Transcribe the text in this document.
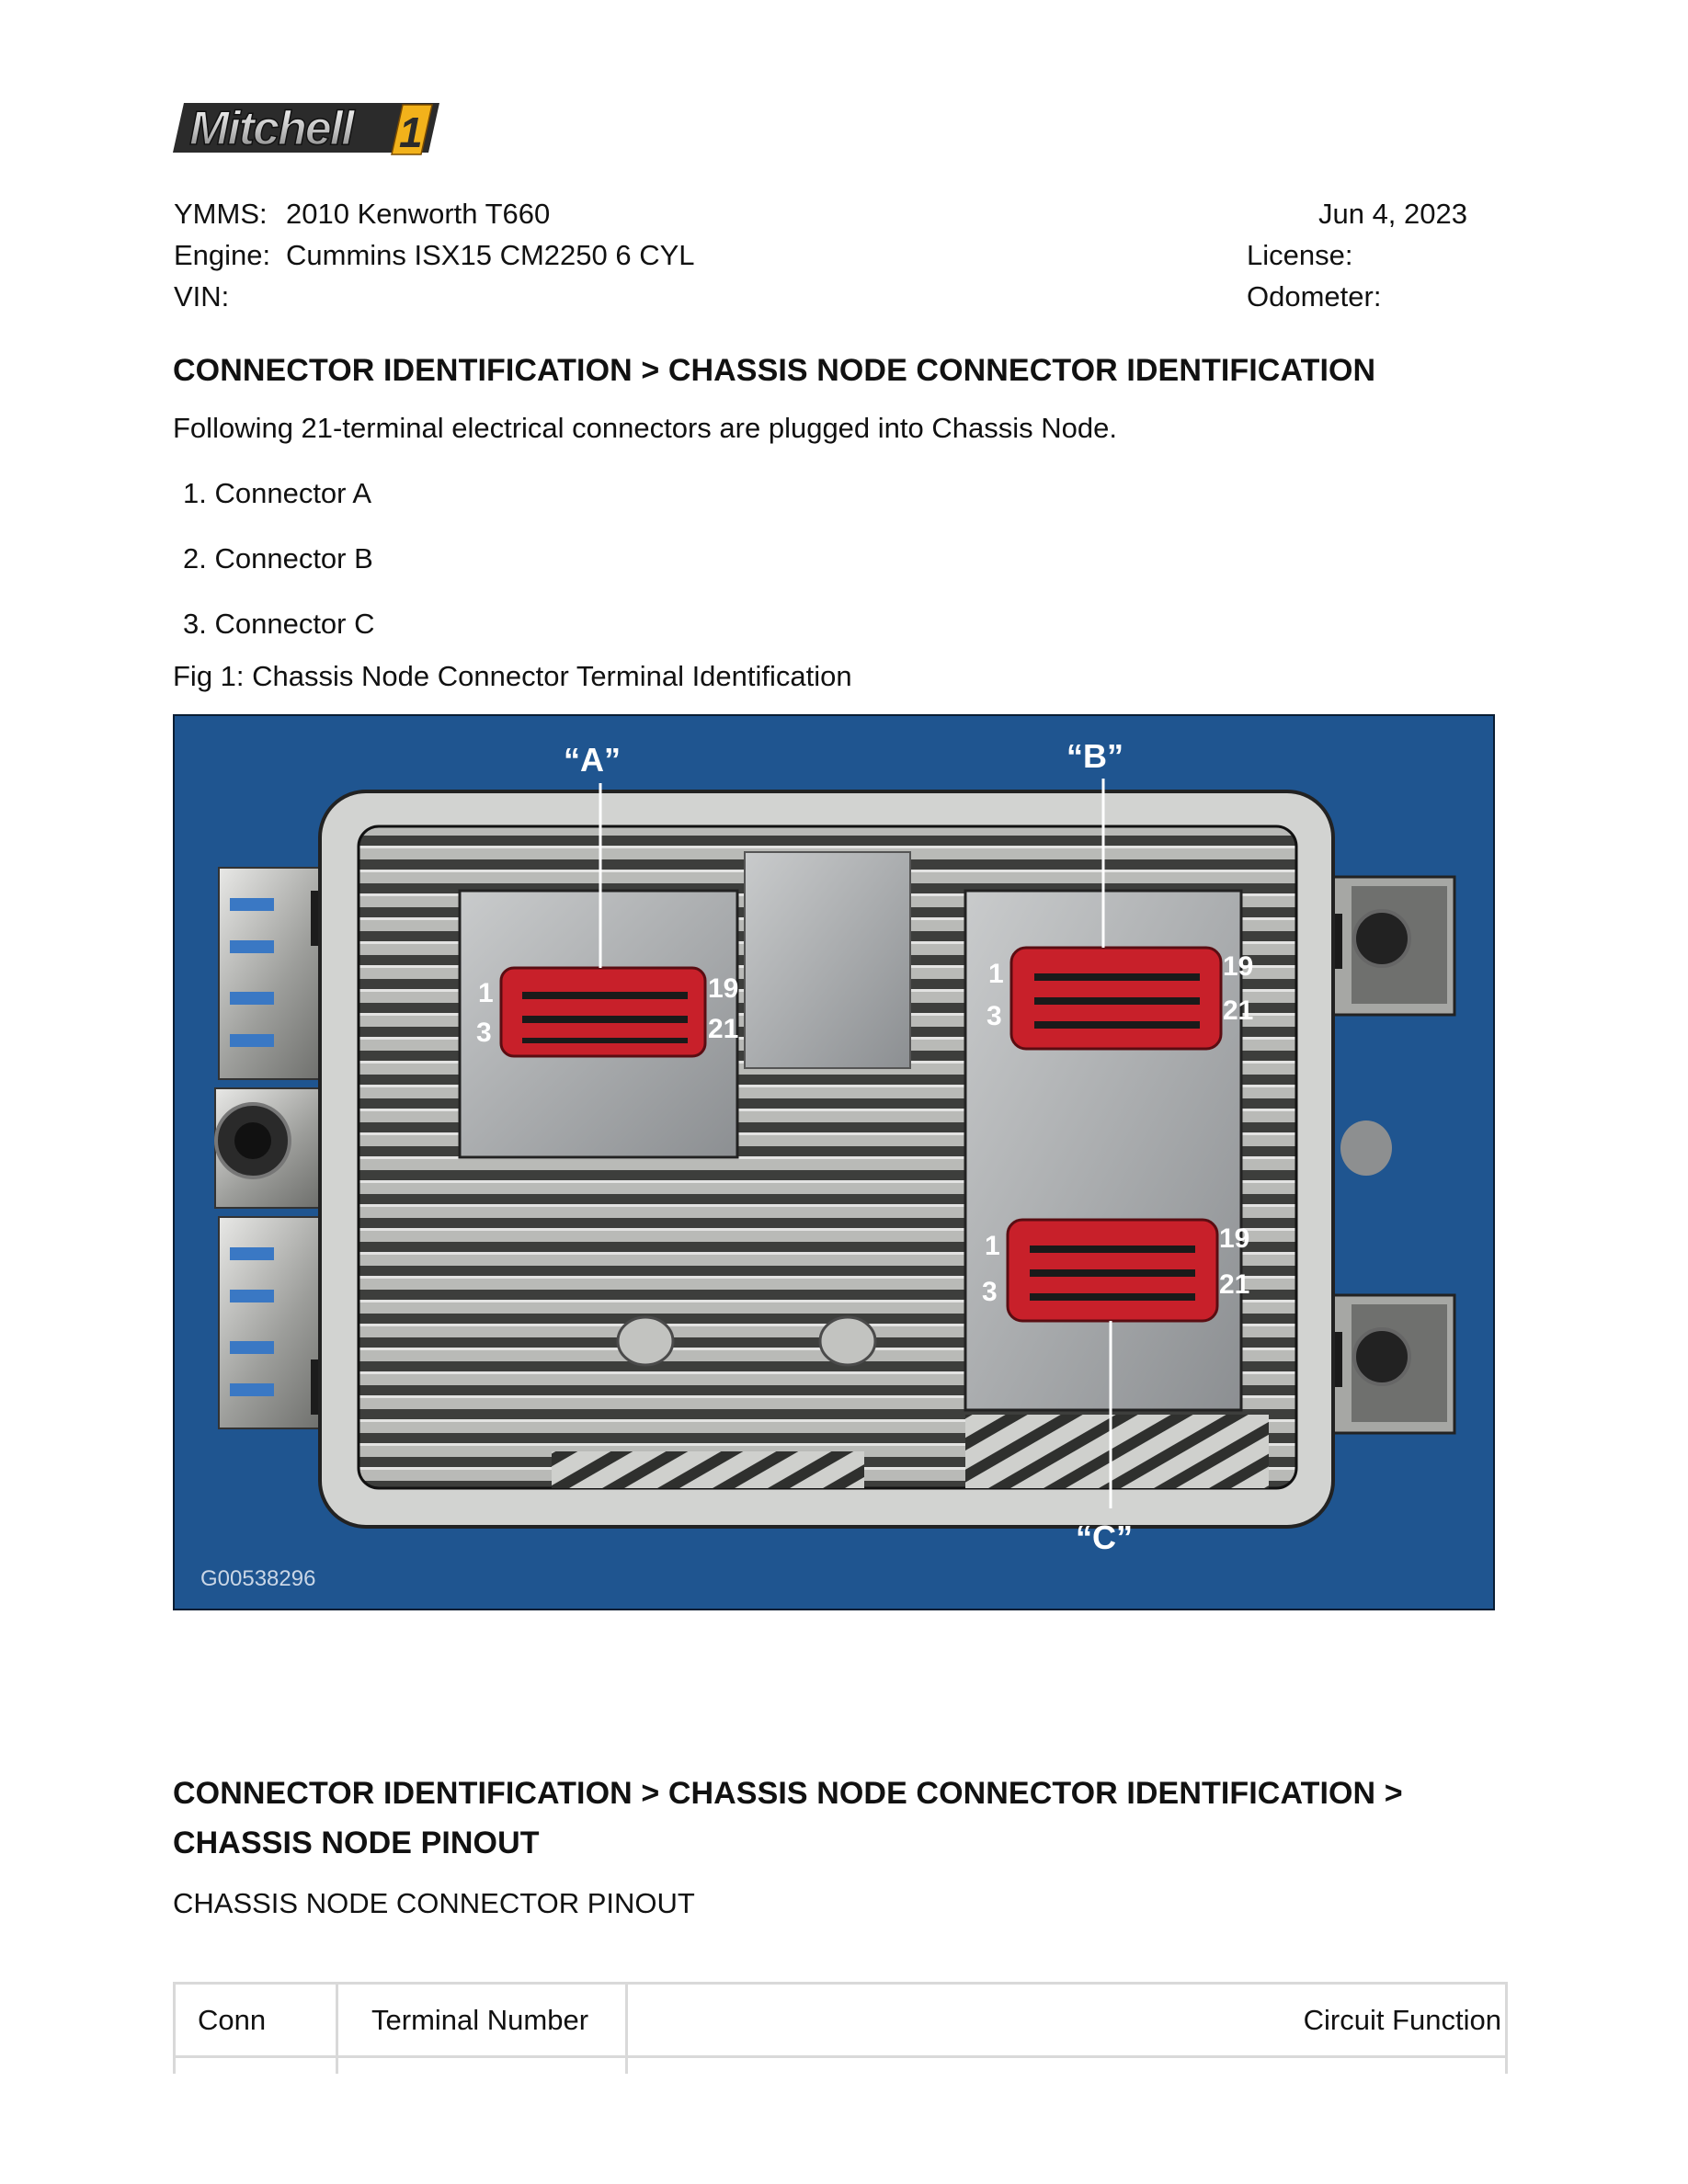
Mitchell 1
YMMS: 2010 Kenworth T660
Engine: Cummins ISX15 CM2250 6 CYL
VIN:
Jun 4, 2023
License:
Odometer:
CONNECTOR IDENTIFICATION > CHASSIS NODE CONNECTOR IDENTIFICATION
Following 21-terminal electrical connectors are plugged into Chassis Node.
1. Connector A
2. Connector B
3. Connector C
Fig 1: Chassis Node Connector Terminal Identification
“A”	“B”
“C”
1
3
19
21
1
3
19
21
1
3
19
21
G00538296
CONNECTOR IDENTIFICATION > CHASSIS NODE CONNECTOR IDENTIFICATION >
CHASSIS NODE PINOUT
CHASSIS NODE CONNECTOR PINOUT
Conn	Terminal Number	Circuit Function
